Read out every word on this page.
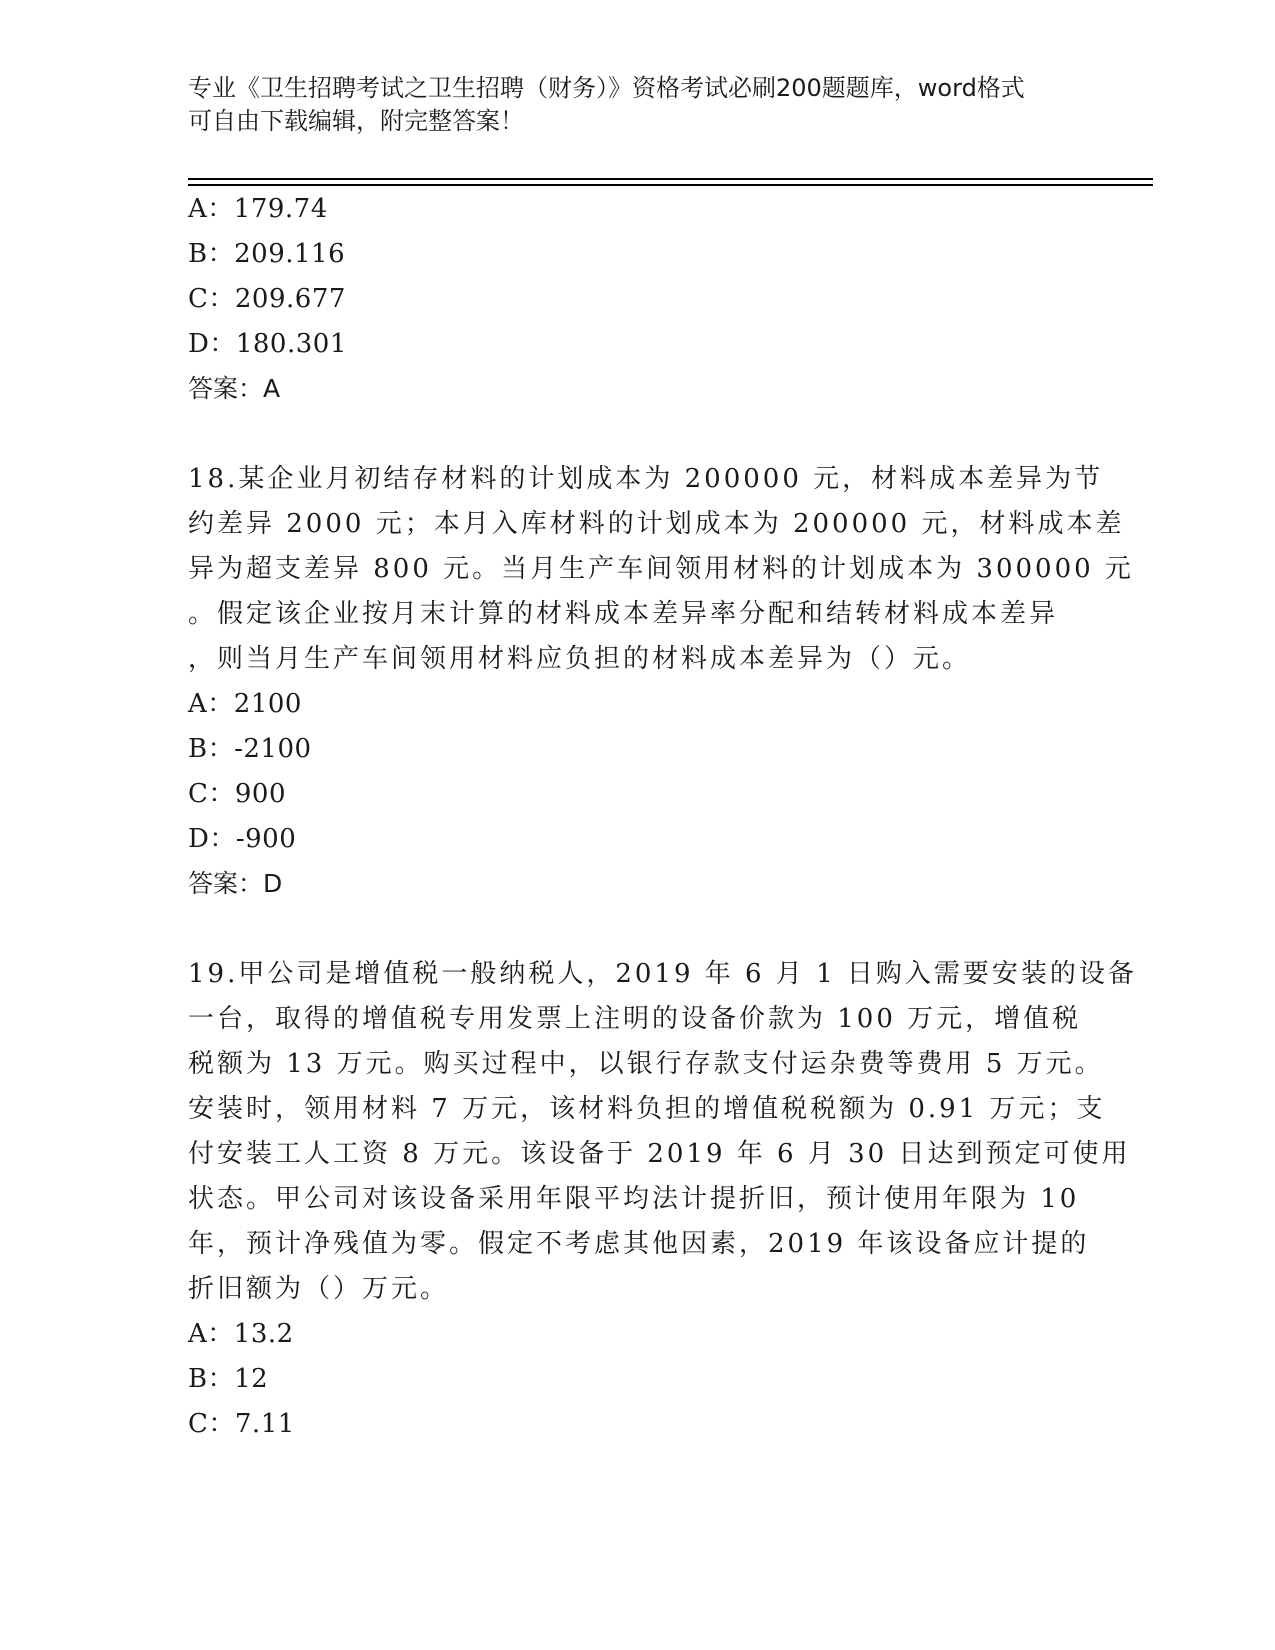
专业《卫生招聘考试之卫生招聘（财务）》资格考试必刷200题题库，word格式
可自由下载编辑，附完整答案！
A：179.74
B：209.116
C：209.677
D：180.301
答案：A
18.某企业月初结存材料的计划成本为 200000 元，材料成本差异为节
约差异 2000 元；本月入库材料的计划成本为 200000 元，材料成本差
异为超支差异 800 元。当月生产车间领用材料的计划成本为 300000 元
。假定该企业按月末计算的材料成本差异率分配和结转材料成本差异
，则当月生产车间领用材料应负担的材料成本差异为（）元。
A：2100
B：-2100
C：900
D：-900
答案：D
19.甲公司是增值税一般纳税人，2019 年 6 月 1 日购入需要安装的设备
一台，取得的增值税专用发票上注明的设备价款为 100 万元，增值税
税额为 13 万元。购买过程中，以银行存款支付运杂费等费用 5 万元。
安装时，领用材料 7 万元，该材料负担的增值税税额为 0.91 万元；支
付安装工人工资 8 万元。该设备于 2019 年 6 月 30 日达到预定可使用
状态。甲公司对该设备采用年限平均法计提折旧，预计使用年限为 10
年，预计净残值为零。假定不考虑其他因素，2019 年该设备应计提的
折旧额为（）万元。
A：13.2
B：12
C：7.11
